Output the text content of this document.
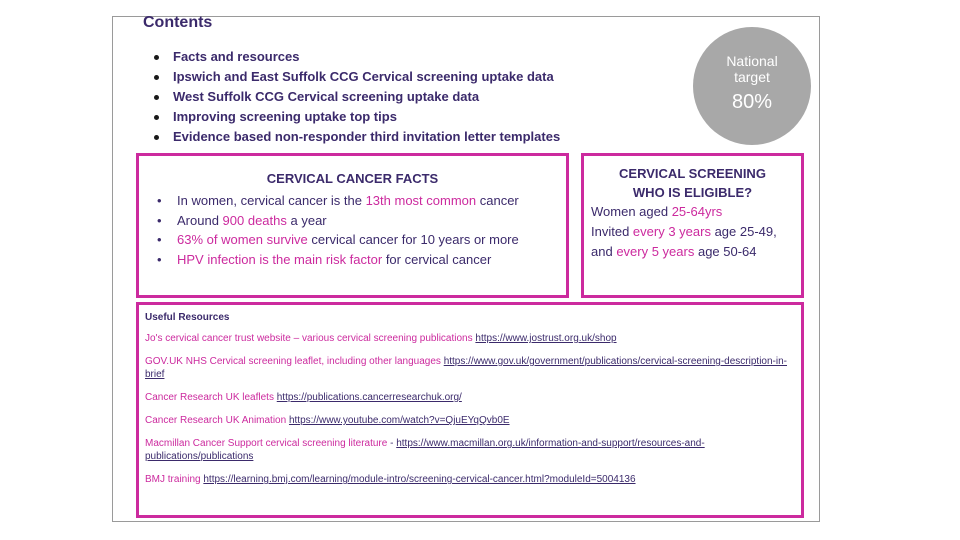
Contents
Facts and resources
Ipswich and East Suffolk CCG Cervical screening uptake data
West Suffolk CCG Cervical screening uptake data
Improving screening uptake top tips
Evidence based non-responder third invitation letter templates
National
target
80%
CERVICAL CANCER FACTS
• In women, cervical cancer is the 13th most common cancer
• Around 900 deaths a year
• 63% of women survive cervical cancer for 10 years or more
• HPV infection is the main risk factor for cervical cancer
CERVICAL SCREENING
WHO IS ELIGIBLE?
Women aged 25-64yrs
Invited every 3 years age 25-49,
and every 5 years age 50-64
Useful Resources
Jo's cervical cancer trust website – various cervical screening publications https://www.jostrust.org.uk/shop
GOV.UK NHS Cervical screening leaflet, including other languages https://www.gov.uk/government/publications/cervical-screening-description-in-brief
Cancer Research UK leaflets https://publications.cancerresearchuk.org/
Cancer Research UK Animation https://www.youtube.com/watch?v=QjuEYqQvb0E
Macmillan Cancer Support cervical screening literature - https://www.macmillan.org.uk/information-and-support/resources-and-publications/publications
BMJ training https://learning.bmj.com/learning/module-intro/screening-cervical-cancer.html?moduleId=5004136
